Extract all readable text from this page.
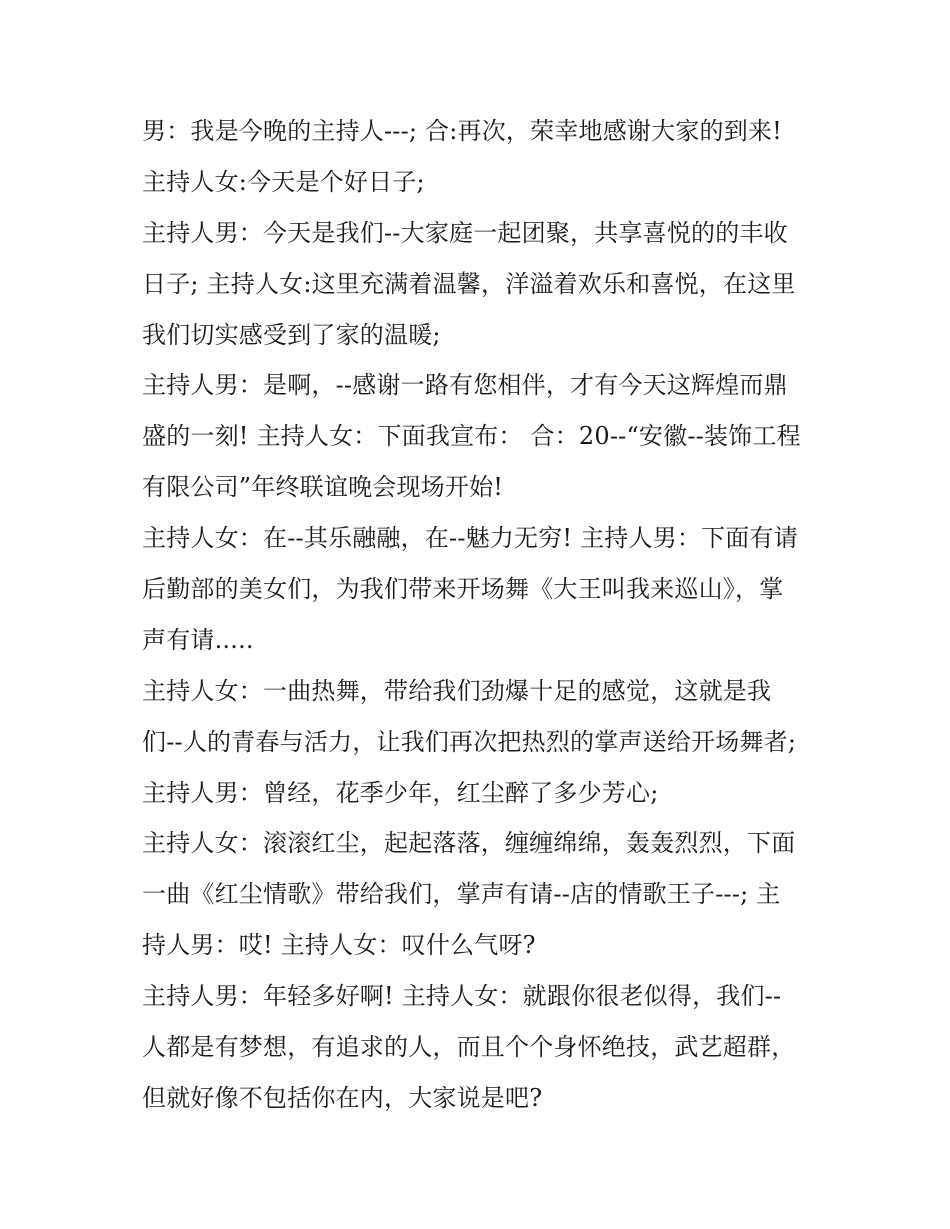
男：我是今晚的主持人---; 合:再次，荣幸地感谢大家的到来!
主持人女:今天是个好日子;
主持人男：今天是我们--大家庭一起团聚，共享喜悦的的丰收
日子; 主持人女:这里充满着温馨，洋溢着欢乐和喜悦，在这里
我们切实感受到了家的温暖;
主持人男：是啊，--感谢一路有您相伴，才有今天这辉煌而鼎
盛的一刻! 主持人女：下面我宣布： 合：20--“安徽--装饰工程
有限公司”年终联谊晚会现场开始!
主持人女：在--其乐融融，在--魅力无穷! 主持人男：下面有请
后勤部的美女们，为我们带来开场舞《大王叫我来巡山》，掌
声有请.....
主持人女：一曲热舞，带给我们劲爆十足的感觉，这就是我
们--人的青春与活力，让我们再次把热烈的掌声送给开场舞者;
主持人男：曾经，花季少年，红尘醉了多少芳心;
主持人女：滚滚红尘，起起落落，缠缠绵绵，轰轰烈烈，下面
一曲《红尘情歌》带给我们，掌声有请--店的情歌王子---; 主
持人男：哎! 主持人女：叹什么气呀?
主持人男：年轻多好啊! 主持人女：就跟你很老似得，我们--
人都是有梦想，有追求的人，而且个个身怀绝技，武艺超群，
但就好像不包括你在内，大家说是吧?
